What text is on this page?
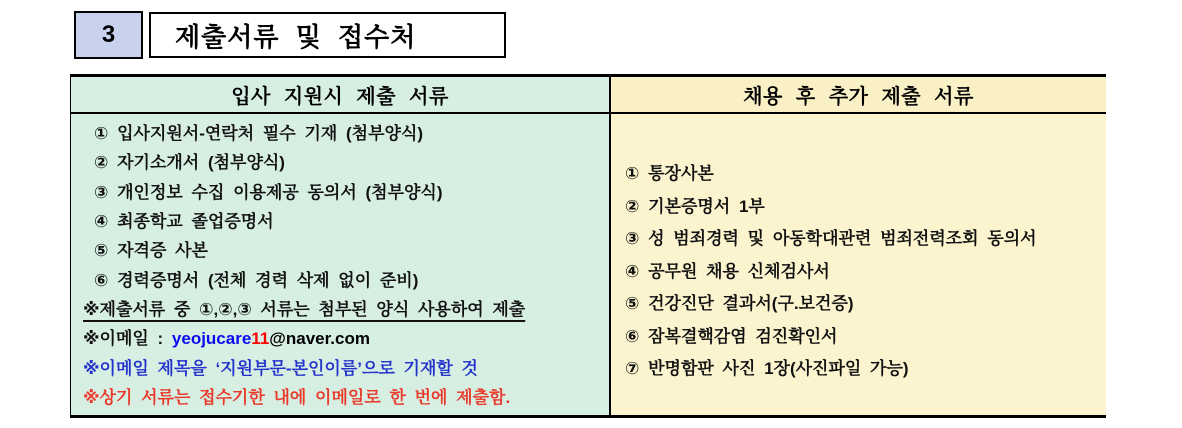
3 제출서류 및 접수처
입사 지원시 제출 서류
① 입사지원서-연락처 필수 기재 (첨부양식)
② 자기소개서 (첨부양식)
③ 개인정보 수집 이용제공 동의서 (첨부양식)
④ 최종학교 졸업증명서
⑤ 자격증 사본
⑥ 경력증명서 (전체 경력 삭제 없이 준비)
※제출서류 중 ①,②,③ 서류는 첨부된 양식 사용하여 제출
※이메일 : yeojucare11@naver.com
※이메일 제목을 ‘지원부문-본인이름’으로 기재할 것
※상기 서류는 접수기한 내에 이메일로 한 번에 제출함.
채용 후 추가 제출 서류
① 통장사본
② 기본증명서 1부
③ 성 범죄경력 및 아동학대관련 범죄전력조회 동의서
④ 공무원 채용 신체검사서
⑤ 건강진단 결과서(구.보건증)
⑥ 잠복결핵감염 검진확인서
⑦ 반명함판 사진 1장(사진파일 가능)
